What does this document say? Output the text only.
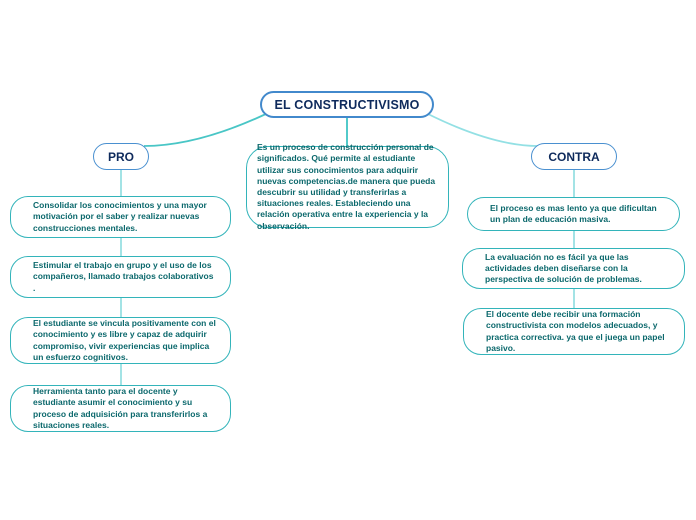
EL CONSTRUCTIVISMO
PRO	CONTRA
Es un proceso de construcción personal de significados. Qué permite al estudiante utilizar sus conocimientos para adquirir nuevas competencias.de manera que pueda descubrir su utilidad y transferirlas a situaciones reales. Estableciendo una relación operativa entre la experiencia y la observación.
Consolidar los conocimientos y una mayor motivación por el saber y realizar nuevas construcciones mentales.
Estimular el trabajo en grupo y el uso de los compañeros, llamado trabajos colaborativos .
El estudiante se vincula positivamente con el conocimiento y es libre y capaz de adquirir compromiso, vivir experiencias que implica un esfuerzo cognitivos.
Herramienta tanto para el docente y estudiante asumir el conocimiento y su proceso de adquisición para transferirlos a situaciones reales.
El proceso es mas lento ya que dificultan un plan de educación masiva.
La evaluación no es fácil ya que las actividades deben diseñarse con la perspectiva de solución de problemas.
El docente debe recibir una formación constructivista con modelos adecuados, y practica correctiva. ya que el juega un papel pasivo.
